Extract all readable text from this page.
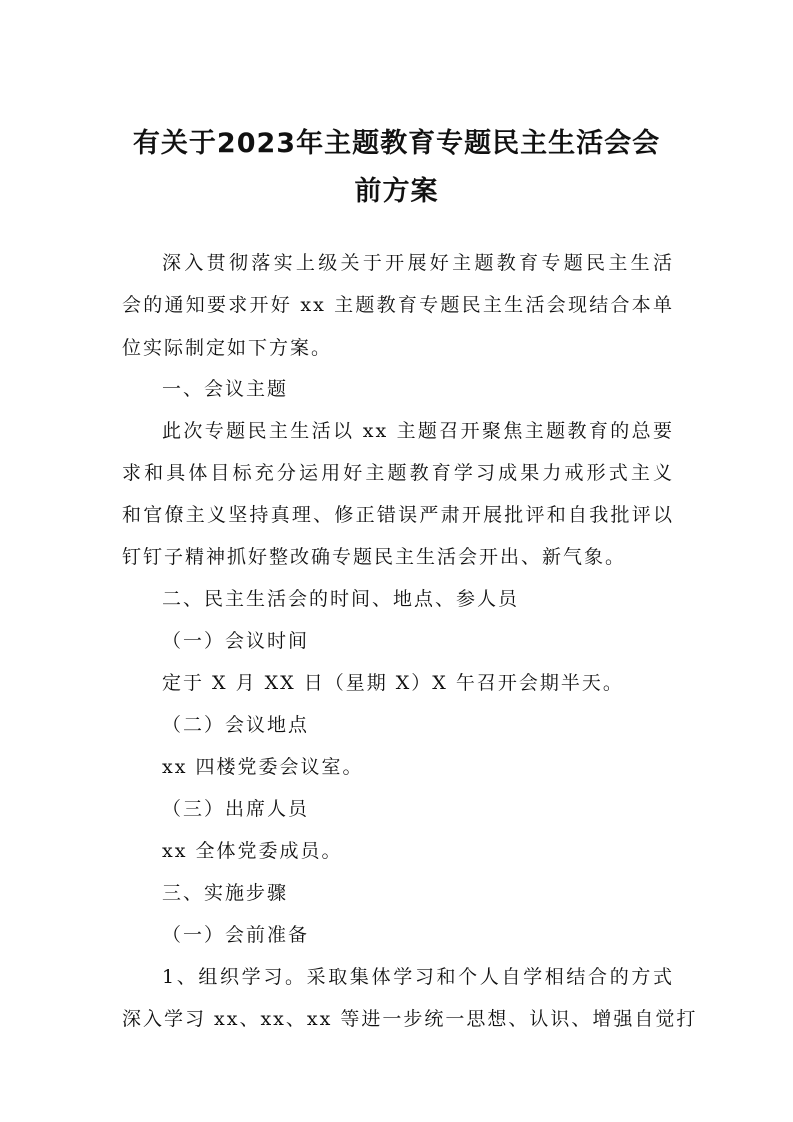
有关于2023年主题教育专题民主生活会会
前方案
深入贯彻落实上级关于开展好主题教育专题民主生活
会的通知要求开好 xx 主题教育专题民主生活会现结合本单
位实际制定如下方案。
一、会议主题
此次专题民主生活以 xx 主题召开聚焦主题教育的总要
求和具体目标充分运用好主题教育学习成果力戒形式主义
和官僚主义坚持真理、修正错误严肃开展批评和自我批评以
钉钉子精神抓好整改确专题民主生活会开出、新气象。
二、民主生活会的时间、地点、参人员
（一）会议时间
定于 X 月 XX 日（星期 X）X 午召开会期半天。
（二）会议地点
xx 四楼党委会议室。
（三）出席人员
xx 全体党委成员。
三、实施步骤
（一）会前准备
1、组织学习。采取集体学习和个人自学相结合的方式
深入学习 xx、xx、xx 等进一步统一思想、认识、增强自觉打
